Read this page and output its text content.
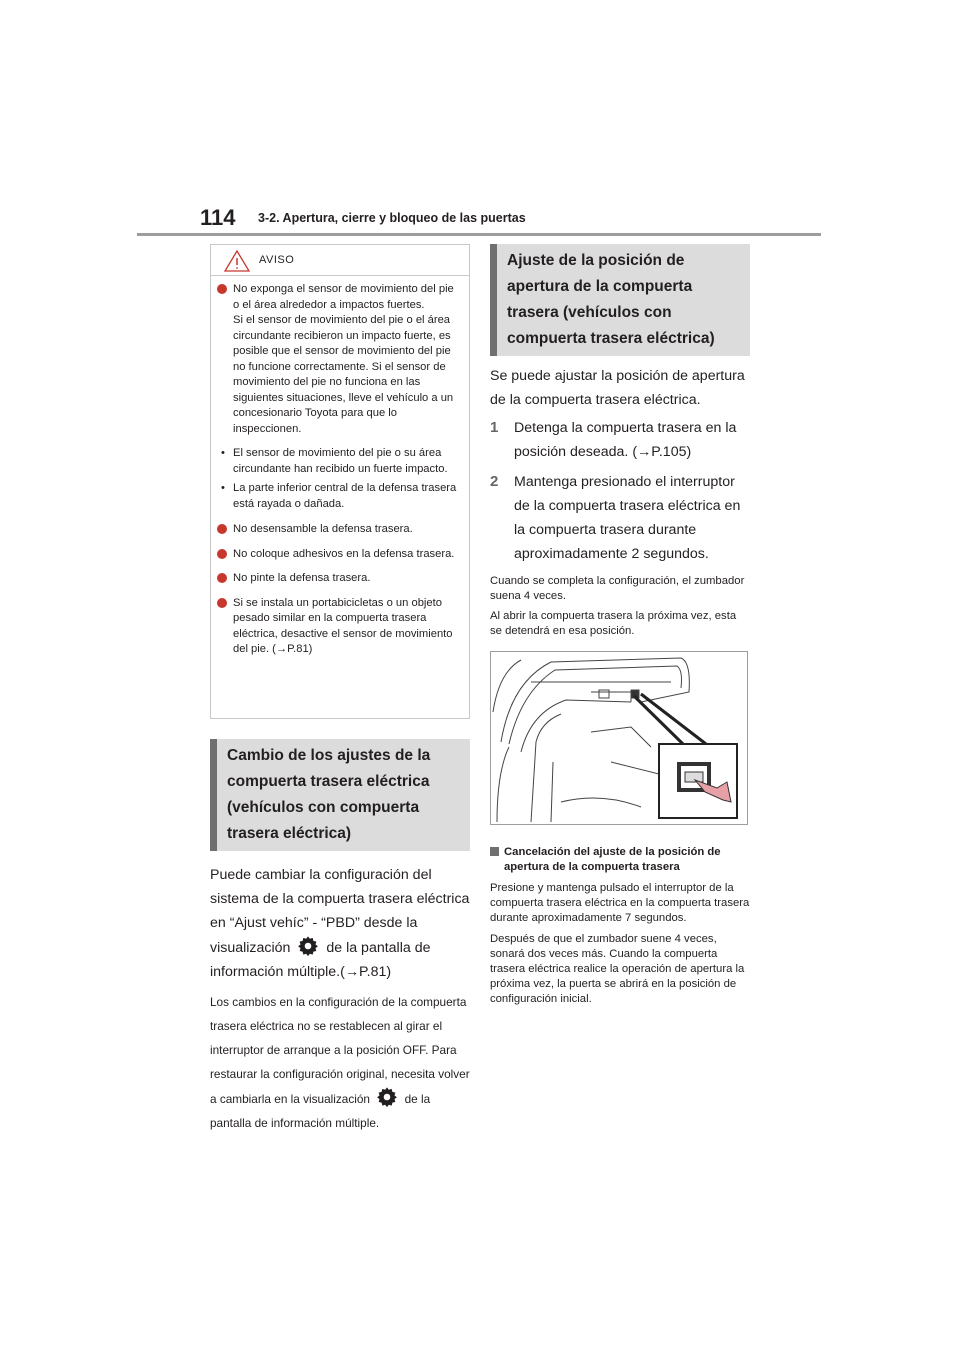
114 3-2. Apertura, cierre y bloqueo de las puertas
AVISO

No exponga el sensor de movimiento del pie o el área alrededor a impactos fuertes.

Si el sensor de movimiento del pie o el área circundante recibieron un impacto fuerte, es posible que el sensor de movimiento del pie no funcione correctamente. Si el sensor de movimiento del pie no funciona en las siguientes situaciones, lleve el vehículo a un concesionario Toyota para que lo inspeccionen.

• El sensor de movimiento del pie o su área circundante han recibido un fuerte impacto.

• La parte inferior central de la defensa trasera está rayada o dañada.

No desensamble la defensa trasera.

No coloque adhesivos en la defensa trasera.

No pinte la defensa trasera.

Si se instala un portabicicletas o un objeto pesado similar en la compuerta trasera eléctrica, desactive el sensor de movimiento del pie. (→P.81)

Cambio de los ajustes de la compuerta trasera eléctrica (vehículos con compuerta trasera eléctrica)
Puede cambiar la configuración del sistema de la compuerta trasera eléctrica en “Ajust vehíc” - “PBD” desde la visualización	de la pantalla de información múltiple.(→P.81)
Los cambios en la configuración de la compuerta trasera eléctrica no se restablecen al girar el interruptor de arranque a la posición OFF. Para restaurar la configuración original, necesita volver a cambiarla en la visualización	de la pantalla de información múltiple.
Ajuste de la posición de apertura de la compuerta trasera (vehículos con compuerta trasera eléctrica)

Se puede ajustar la posición de apertura de la compuerta trasera eléctrica.

1 Detenga la compuerta trasera en la posición deseada. (→P.105)

2 Mantenga presionado el interruptor de la compuerta trasera eléctrica en la compuerta trasera durante aproximadamente 2 segundos.

Cuando se completa la configuración, el zumbador suena 4 veces.

Al abrir la compuerta trasera la próxima vez, esta se detendrá en esa posición.

Cancelación del ajuste de la posición de apertura de la compuerta trasera

Presione y mantenga pulsado el interruptor de la compuerta trasera eléctrica en la compuerta trasera durante aproximadamente 7 segundos.

Después de que el zumbador suene 4 veces, sonará dos veces más. Cuando la compuerta trasera eléctrica realice la operación de apertura la próxima vez, la puerta se abrirá en la posición de configuración inicial.
